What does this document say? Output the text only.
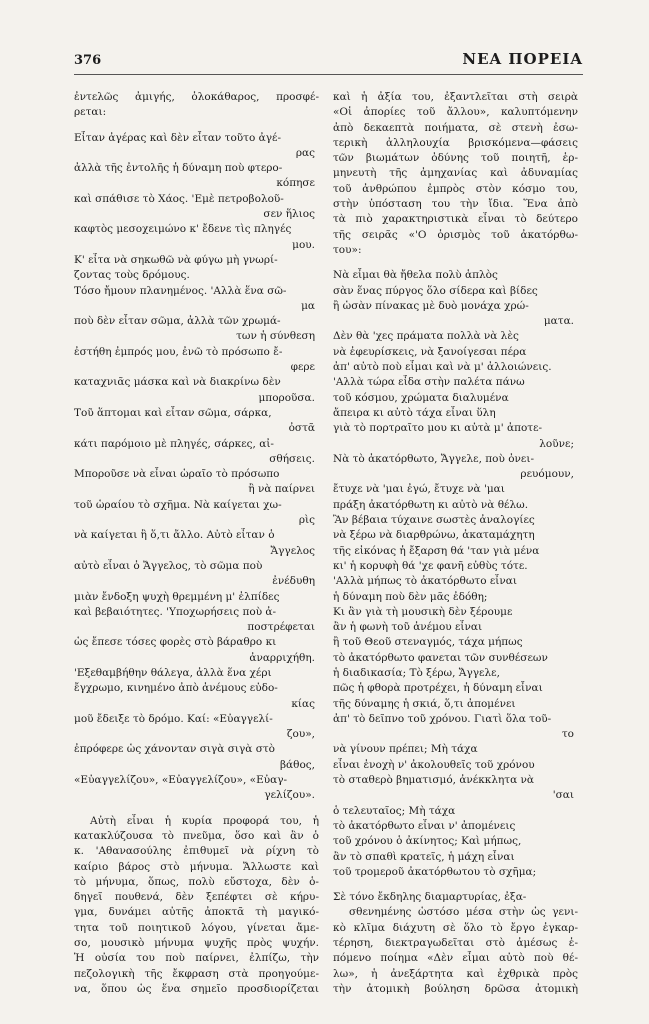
376	ΝΕΑ ΠΟΡΕΙΑ
ἐντελῶς ἀμιγής, ὁλοκάθαρος, προσφέ-
ρεται:
Εἶταν ἀγέρας καὶ δὲν εἶταν τοῦτο ἀγέ-
ρας
ἀλλὰ τῆς ἐντολῆς ἡ δύναμη ποὺ φτερο-
κόπησε
καὶ σπάθισε τὸ Χάος. 'Εμὲ πετροβολοῦ-
σεν ἥλιος
καφτὸς μεσοχειμώνο κ' ἔδενε τὶς πληγές
μου.
Κ' εἶτα νὰ σηκωθῶ νὰ φύγω μὴ γνωρί-
ζοντας τοὺς δρόμους.
Τόσο ἤμουν πλανημένος. 'Αλλὰ ἕνα σῶ-
μα
ποὺ δὲν εἶταν σῶμα, ἀλλὰ τῶν χρωμά-
των ἡ σύνθεση
ἐστήθη ἐμπρός μου, ἐνῶ τὸ πρόσωπο ἔ-
φερε
καταχνιᾶς μάσκα καὶ νὰ διακρίνω δὲν
μποροῦσα.
Τοῦ ἅπτομαι καὶ εἶταν σῶμα, σάρκα,
ὀστᾶ
κάτι παρόμοιο μὲ πληγές, σάρκες, αἰ-
σθήσεις.
Μποροῦσε νὰ εἶναι ὡραῖο τὸ πρόσωπο
ἢ νὰ παίρνει
τοῦ ὡραίου τὸ σχῆμα. Νὰ καίγεται χω-
ρὶς
νὰ καίγεται ἢ ὅ,τι ἄλλο. Αὐτὸ εἶταν ὁ
Ἄγγελος
αὐτὸ εἶναι ὁ Ἄγγελος, τὸ σῶμα ποὺ
ἐνέδυθη
μιὰν ἔνδοξη ψυχὴ θρεμμένη μ' ἐλπίδες
καὶ βεβαιότητες. 'Υποχωρήσεις ποὺ ἀ-
ποστρέφεται
ὡς ἔπεσε τόσες φορὲς στὸ βάραθρο κι
ἀναρριχήθη.
'Εξεθαμβήθην θάλεγα, ἀλλὰ ἕνα χέρι
ἔγχρωμο, κινημένο ἀπὸ ἀνέμους εὐδο-
κίας
μοῦ ἔδειξε τὸ δρόμο. Καί: «Εὐαγγελί-
ζου»,
ἐπρόφερε ὡς χάνονταν σιγὰ σιγὰ στὸ
βάθος,
«Εὐαγγελίζου», «Εὐαγγελίζου», «Εὐαγ-
γελίζου».
Αὐτὴ εἶναι ἡ κυρία προφορά του, ἡ
κατακλύζουσα τὸ πνεῦμα, ὅσο καὶ ἂν ὁ
κ. 'Αθανασούλης ἐπιθυμεῖ νὰ ρίχνη τὸ
καίριο βάρος στὸ μήνυμα. Ἄλλωστε καὶ
τὸ μήνυμα, ὅπως, πολὺ εὔστοχα, δὲν ὁ-
δηγεῖ πουθενά, δὲν ξεπέφτει σὲ κήρυ-
γμα, δυνάμει αὐτῆς ἀποκτᾶ τὴ μαγικό-
τητα τοῦ ποιητικοῦ λόγου, γίνεται ἄμε-
σο, μουσικὸ μήνυμα ψυχῆς πρὸς ψυχήν.
Ἡ οὐσία του ποὺ παίρνει, ἐλπίζω, τὴν
πεζολογικὴ τῆς ἔκφραση στὰ προηγούμε-
να, ὅπου ὡς ἕνα σημεῖο προσδιορίζεται
καὶ ἡ ἀξία του, ἐξαντλεῖται στὴ σειρὰ
«Οἱ ἀπορίες τοῦ ἄλλου», καλυπτόμενην
ἀπὸ δεκαεπτὰ ποιήματα, σὲ στενὴ ἐσω-
τερικὴ ἀλληλουχία βρισκόμενα—φάσεις
τῶν βιωμάτων ὀδύνης τοῦ ποιητῆ, ἑρ-
μηνευτὴ τῆς ἀμηχανίας καὶ ἀδυναμίας
τοῦ ἀνθρώπου ἐμπρὸς στὸν κόσμο του,
στὴν ὑπόσταση του τὴν ἴδια. Ἕνα ἀπὸ
τὰ πιὸ χαρακτηριστικὰ εἶναι τὸ δεύτερο
τῆς σειρᾶς «'Ο ὁρισμὸς τοῦ ἀκατόρθω-
του»:
Νὰ εἶμαι θὰ ἤθελα πολὺ ἁπλὸς
σὰν ἕνας πύργος ὅλο σίδερα καὶ βίδες
ἢ ὡσὰν πίνακας μὲ δυὸ μονάχα χρώ-
ματα.
Δὲν θὰ 'χες πράματα πολλὰ νὰ λὲς
νὰ ἐφευρίσκεις, νὰ ξανοίγεσαι πέρα
ἀπ' αὐτὸ ποὺ εἶμαι καὶ νὰ μ' ἀλλοιώνεις.
'Αλλὰ τώρα εἶδα στὴν παλέτα πάνω
τοῦ κόσμου, χρώματα διαλυμένα
ἄπειρα κι αὐτὸ τάχα εἶναι ὕλη
γιὰ τὸ πορτραῖτο μου κι αὐτὰ μ' ἀποτε-
λοῦνε;
Νὰ τὸ ἀκατόρθωτο, Ἄγγελε, ποὺ ὀνει-
ρευόμουν,
ἔτυχε νὰ 'μαι ἐγώ, ἔτυχε νὰ 'μαι
πράξη ἀκατόρθωτη κι αὐτὸ νὰ θέλω.
Ἂν βέβαια τύχαινε σωστὲς ἀναλογίες
νὰ ξέρω νὰ διαρθρώνω, ἀκαταμάχητη
τῆς εἰκόνας ἡ ἔξαρση θά 'ταν γιὰ μένα
κι' ἡ κορυφὴ θά 'χε φανῆ εὐθὺς τότε.
'Αλλὰ μήπως τὸ ἀκατόρθωτο εἶναι
ἡ δύναμη ποὺ δὲν μᾶς ἐδόθη;
Κι ἂν γιὰ τὴ μουσικὴ δὲν ξέρουμε
ἂν ἡ φωνὴ τοῦ ἀνέμου εἶναι
ἢ τοῦ Θεοῦ στεναγμός, τάχα μήπως
τὸ ἀκατόρθωτο φανεται τῶν συνθέσεων
ἡ διαδικασία; Τὸ ξέρω, Ἄγγελε,
πῶς ἡ φθορὰ προτρέχει, ἡ δύναμη εἶναι
τῆς δύναμης ἡ σκιά, ὅ,τι ἀπομένει
ἀπ' τὸ δεῖπνο τοῦ χρόνου. Γιατὶ ὅλα τοῦ-
το
νὰ γίνουν πρέπει; Μὴ τάχα
εἶναι ἐνοχὴ ν' ἀκολουθεῖς τοῦ χρόνου
τὸ σταθερὸ βηματισμό, ἀνέκκλητα νὰ
'σαι
ὁ τελευταῖος; Μὴ τάχα
τὸ ἀκατόρθωτο εἶναι ν' ἀπομένεις
τοῦ χρόνου ὁ ἀκίνητος; Καὶ μήπως,
ἂν τὸ σπαθὶ κρατεῖς, ἡ μάχη εἶναι
τοῦ τρομεροῦ ἀκατόρθωτου τὸ σχῆμα;
Σὲ τόνο ἔκδηλης διαμαρτυρίας, ἐξα-
σθενημένης ὡστόσο μέσα στὴν ὡς γενι-
κὸ κλῖμα διάχυτη σὲ ὅλο τὸ ἔργο ἐγκαρ-
τέρηση, διεκτραγωδεῖται στὸ ἀμέσως ἑ-
πόμενο ποίημα «Δὲν εἶμαι αὐτὸ ποὺ θέ-
λω», ἡ ἀνεξάρτητα καὶ ἐχθρικὰ πρὸς
τὴν ἀτομικὴ βούληση δρῶσα ἀτομικὴ
